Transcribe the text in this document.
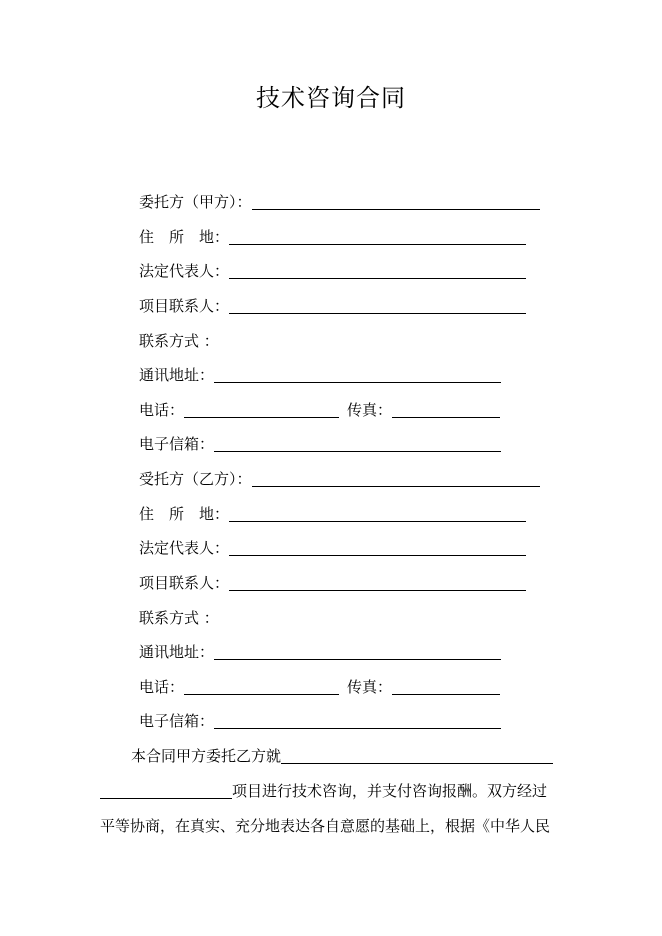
技术咨询合同
委托方（甲方）：
住　所　地：
法定代表人：
项目联系人：
联系方式 ：
通讯地址：
电话：	传真：
电子信箱：
受托方（乙方）：
住　所　地：
法定代表人：
项目联系人：
联系方式 ：
通讯地址：
电话：	传真：
电子信箱：
本合同甲方委托乙方就
项目进行技术咨询，并支付咨询报酬。双方经过
平等协商，在真实、充分地表达各自意愿的基础上，根据《中华人民
